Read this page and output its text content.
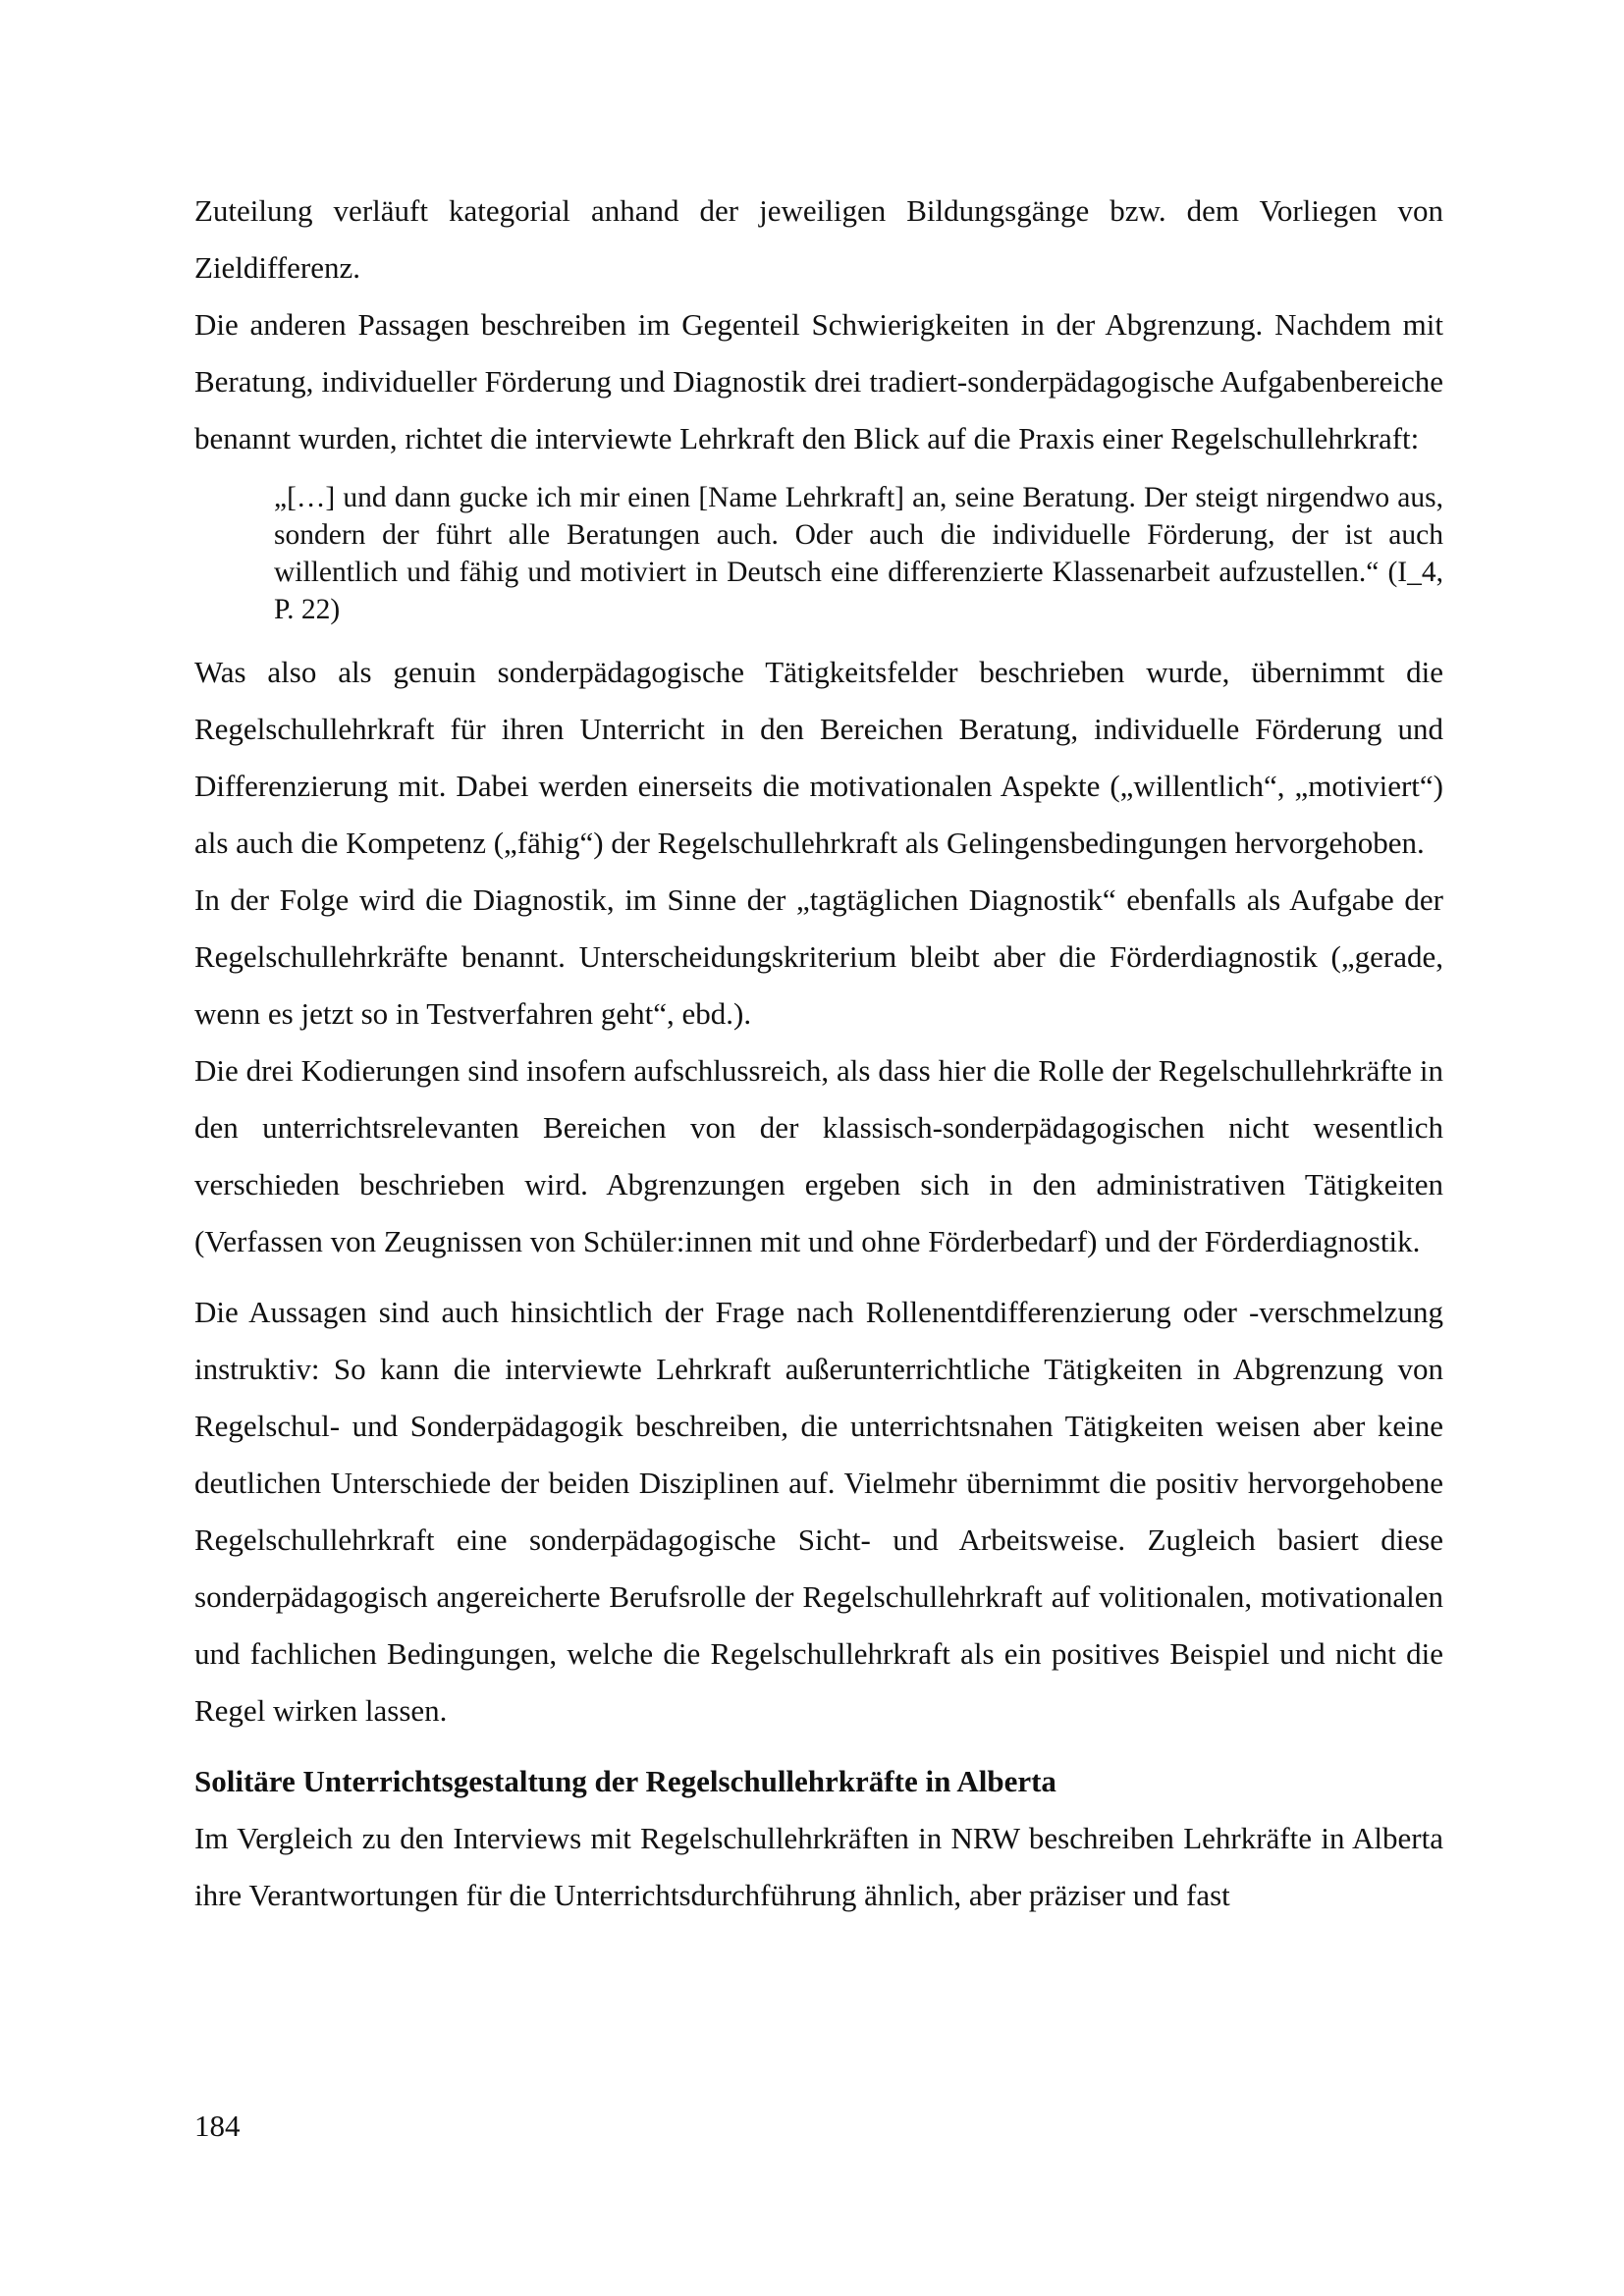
Zuteilung verläuft kategorial anhand der jeweiligen Bildungsgänge bzw. dem Vorliegen von Zieldifferenz.

Die anderen Passagen beschreiben im Gegenteil Schwierigkeiten in der Abgrenzung. Nachdem mit Beratung, individueller Förderung und Diagnostik drei tradiert-sonderpädagogische Aufgabenbereiche benannt wurden, richtet die interviewte Lehrkraft den Blick auf die Praxis einer Regelschullehrkraft:

„[…] und dann gucke ich mir einen [Name Lehrkraft] an, seine Beratung. Der steigt nirgendwo aus, sondern der führt alle Beratungen auch. Oder auch die individuelle Förderung, der ist auch willentlich und fähig und motiviert in Deutsch eine differenzierte Klassenarbeit aufzustellen.“ (I_4, P. 22)

Was also als genuin sonderpädagogische Tätigkeitsfelder beschrieben wurde, übernimmt die Regelschullehrkraft für ihren Unterricht in den Bereichen Beratung, individuelle Förderung und Differenzierung mit. Dabei werden einerseits die motivationalen Aspekte („willentlich“, „motiviert“) als auch die Kompetenz („fähig“) der Regelschullehrkraft als Gelingensbedingungen hervorgehoben.

In der Folge wird die Diagnostik, im Sinne der „tagtäglichen Diagnostik“ ebenfalls als Aufgabe der Regelschullehrkräfte benannt. Unterscheidungskriterium bleibt aber die Förderdiagnostik („gerade, wenn es jetzt so in Testverfahren geht“, ebd.).

Die drei Kodierungen sind insofern aufschlussreich, als dass hier die Rolle der Regelschullehrkräfte in den unterrichtsrelevanten Bereichen von der klassisch-sonderpädagogischen nicht wesentlich verschieden beschrieben wird. Abgrenzungen ergeben sich in den administrativen Tätigkeiten (Verfassen von Zeugnissen von Schüler:innen mit und ohne Förderbedarf) und der Förderdiagnostik.

Die Aussagen sind auch hinsichtlich der Frage nach Rollenentdifferenzierung oder -verschmelzung instruktiv: So kann die interviewte Lehrkraft außerunterrichtliche Tätigkeiten in Abgrenzung von Regelschul- und Sonderpädagogik beschreiben, die unterrichtsnahen Tätigkeiten weisen aber keine deutlichen Unterschiede der beiden Disziplinen auf. Vielmehr übernimmt die positiv hervorgehobene Regelschullehrkraft eine sonderpädagogische Sicht- und Arbeitsweise. Zugleich basiert diese sonderpädagogisch angereicherte Berufsrolle der Regelschullehrkraft auf volitionalen, motivationalen und fachlichen Bedingungen, welche die Regelschullehrkraft als ein positives Beispiel und nicht die Regel wirken lassen.

Solitäre Unterrichtsgestaltung der Regelschullehrkräfte in Alberta

Im Vergleich zu den Interviews mit Regelschullehrkräften in NRW beschreiben Lehrkräfte in Alberta ihre Verantwortungen für die Unterrichtsdurchführung ähnlich, aber präziser und fast

184
